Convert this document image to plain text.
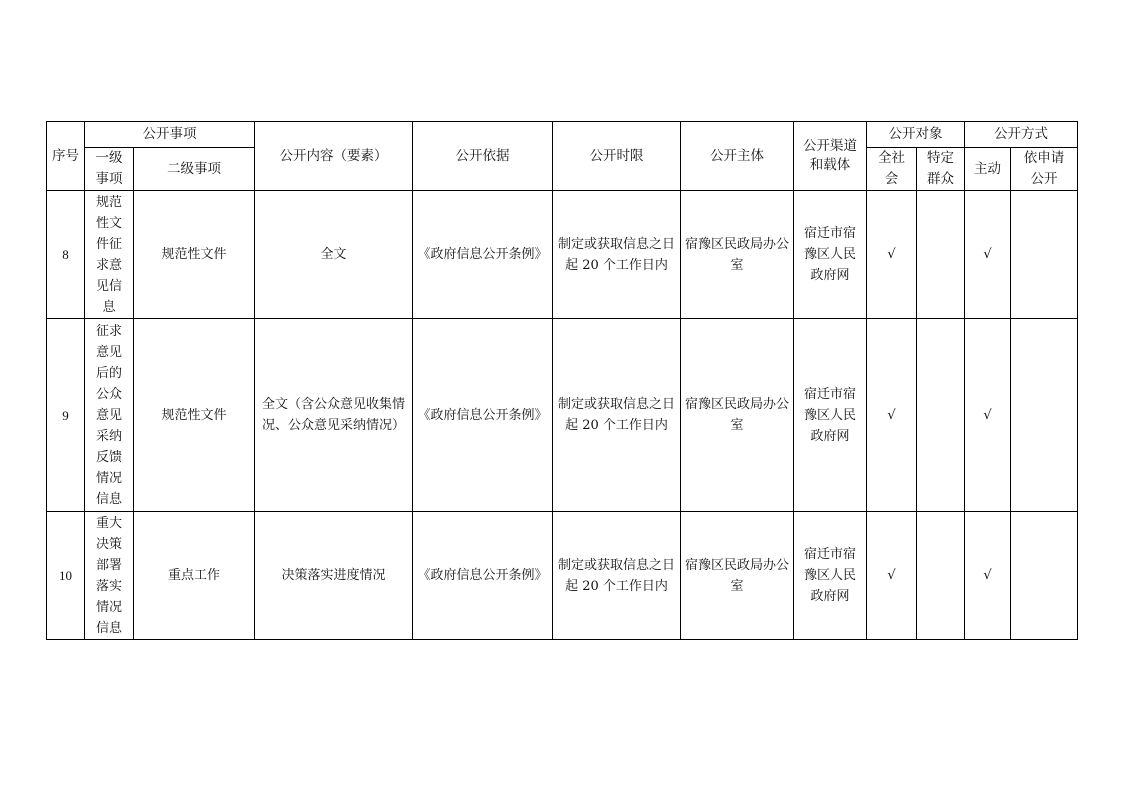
序号	公开事项		公开内容（要素）	公开依据	公开时限	公开主体	公开渠道和载体	公开对象		公开方式	

	一级事项	二级事项						全社会	特定群众	主动	依申请公开

8	规范性文件征求意见信息	规范性文件	全文	《政府信息公开条例》	制定或获取信息之日起 20 个工作日内	宿豫区民政局办公室	宿迁市宿豫区人民政府网	√		√	
9	征求意见后的公众意见采纳反馈情况信息	规范性文件	全文（含公众意见收集情况、公众意见采纳情况）	《政府信息公开条例》	制定或获取信息之日起 20 个工作日内	宿豫区民政局办公室	宿迁市宿豫区人民政府网	√		√	
10	重大决策部署落实情况信息	重点工作	决策落实进度情况	《政府信息公开条例》	制定或获取信息之日起 20 个工作日内	宿豫区民政局办公室	宿迁市宿豫区人民政府网	√		√	
